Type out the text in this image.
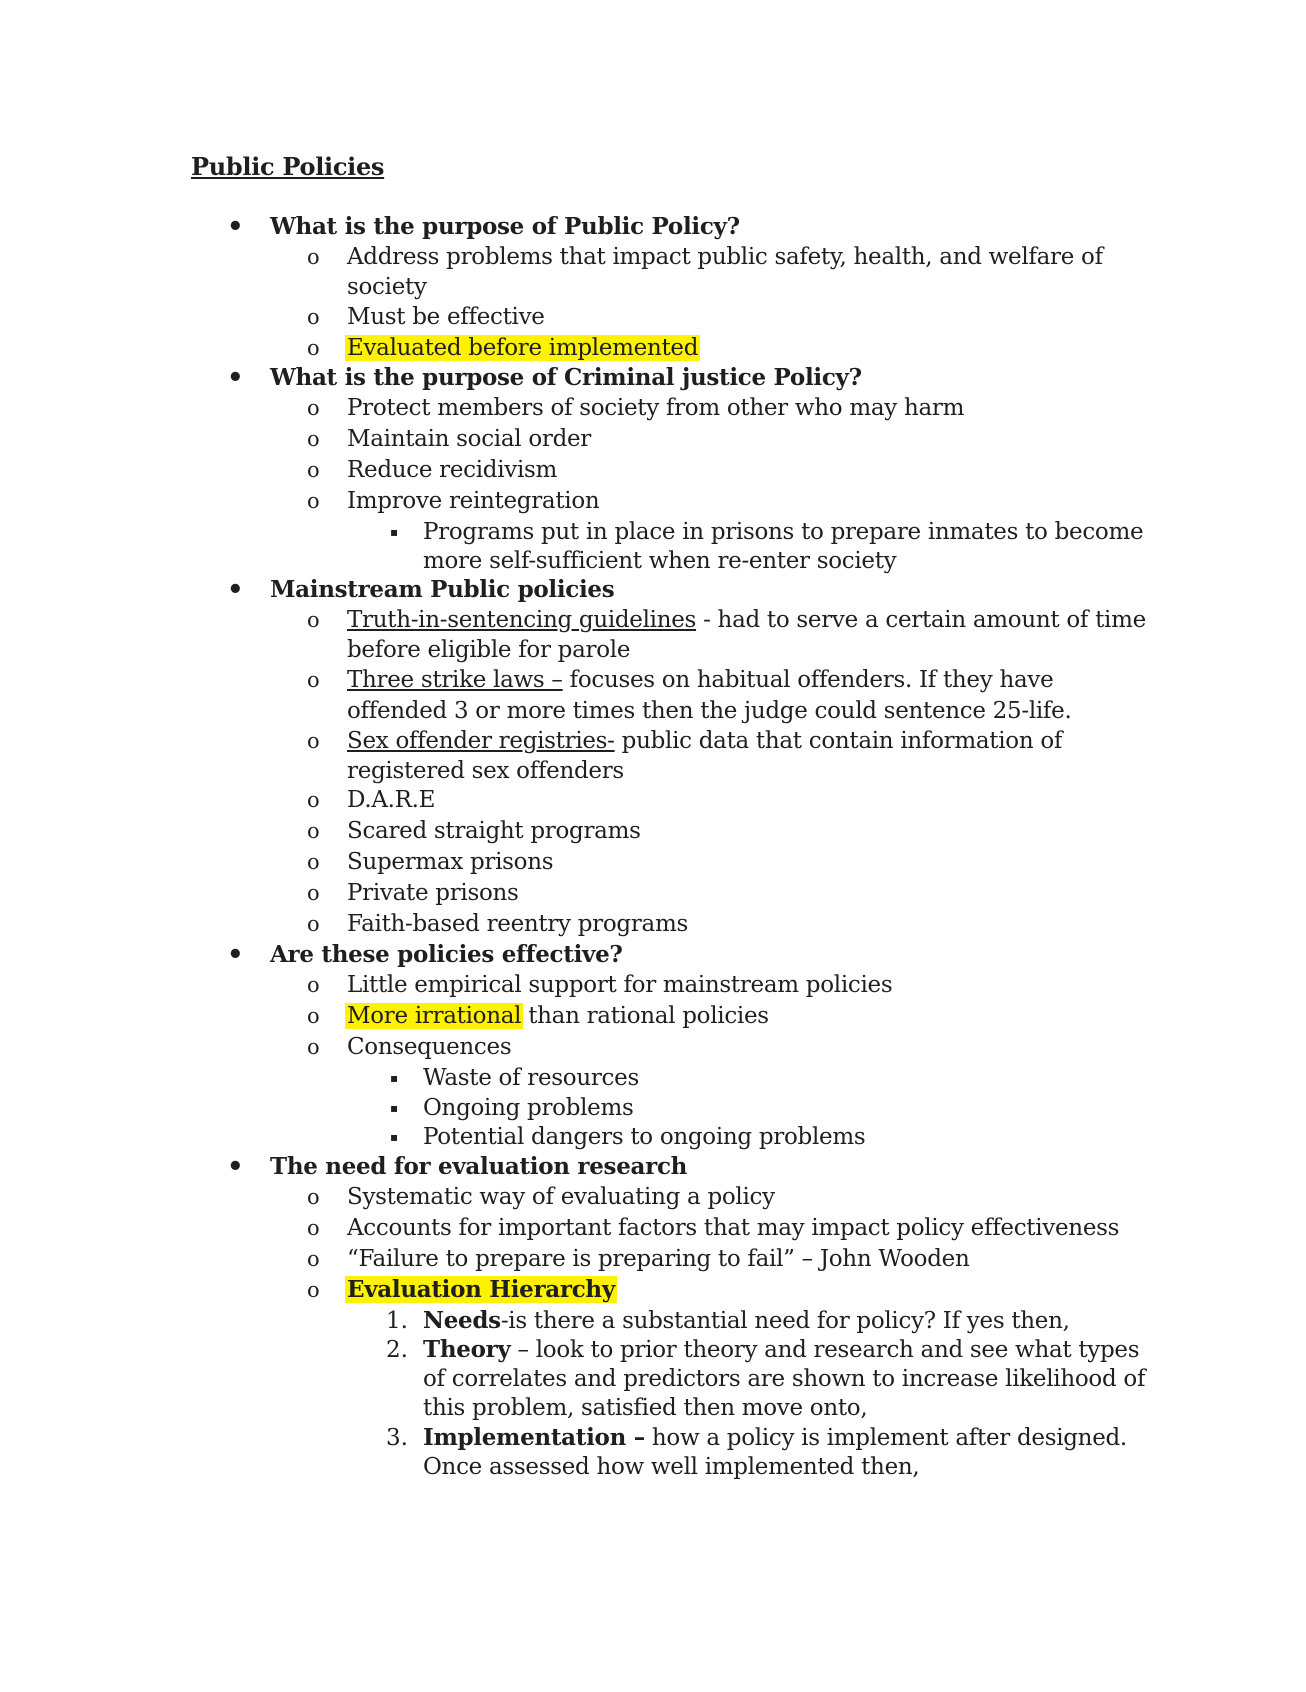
Public Policies
• What is the purpose of Public Policy?
o Address problems that impact public safety, health, and welfare of
society
o Must be effective
o Evaluated before implemented
• What is the purpose of Criminal justice Policy?
o Protect members of society from other who may harm
o Maintain social order
o Reduce recidivism
o Improve reintegration
▪ Programs put in place in prisons to prepare inmates to become
more self-sufficient when re-enter society
• Mainstream Public policies
o Truth-in-sentencing guidelines - had to serve a certain amount of time
before eligible for parole
o Three strike laws – focuses on habitual offenders. If they have
offended 3 or more times then the judge could sentence 25-life.
o Sex offender registries- public data that contain information of
registered sex offenders
o D.A.R.E
o Scared straight programs
o Supermax prisons
o Private prisons
o Faith-based reentry programs
• Are these policies effective?
o Little empirical support for mainstream policies
o More irrational than rational policies
o Consequences
▪ Waste of resources
▪ Ongoing problems
▪ Potential dangers to ongoing problems
• The need for evaluation research
o Systematic way of evaluating a policy
o Accounts for important factors that may impact policy effectiveness
o “Failure to prepare is preparing to fail” – John Wooden
o Evaluation Hierarchy
1. Needs-is there a substantial need for policy? If yes then,
2. Theory – look to prior theory and research and see what types
of correlates and predictors are shown to increase likelihood of
this problem, satisfied then move onto,
3. Implementation – how a policy is implement after designed.
Once assessed how well implemented then,
